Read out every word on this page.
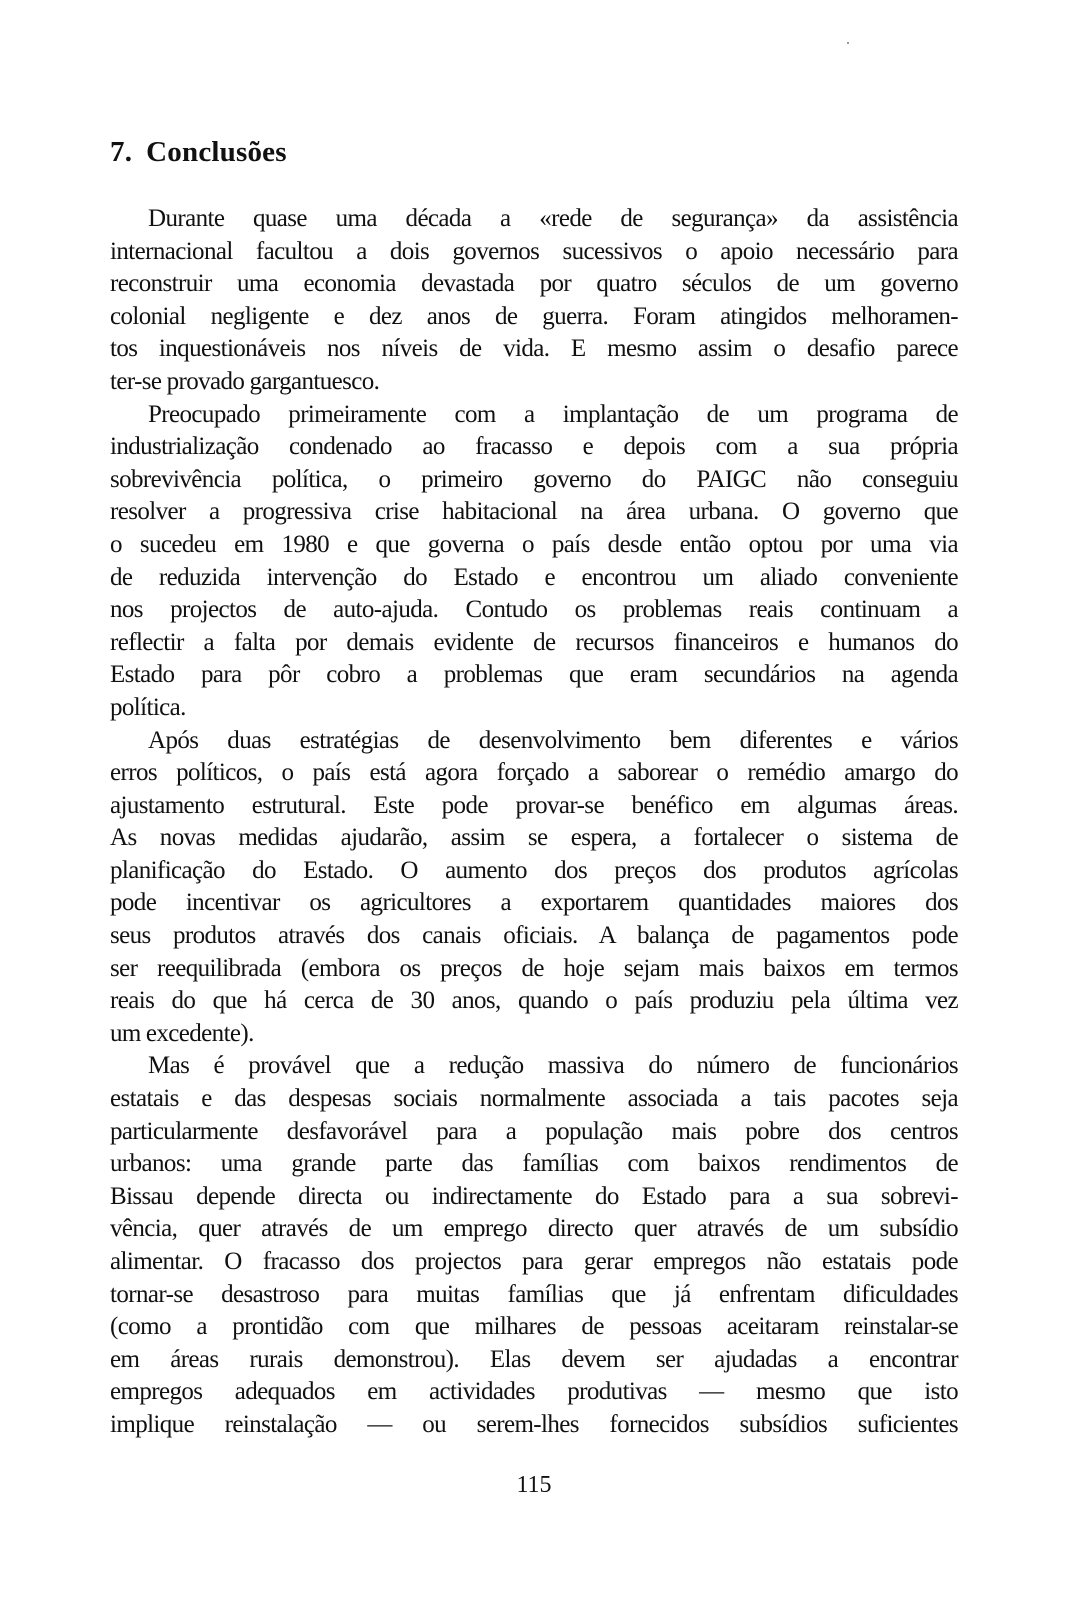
7. Conclusões

Durante quase uma década a «rede de segurança» da assistência
internacional facultou a dois governos sucessivos o apoio necessário para
reconstruir uma economia devastada por quatro séculos de um governo
colonial negligente e dez anos de guerra. Foram atingidos melhoramen-
tos inquestionáveis nos níveis de vida. E mesmo assim o desafio parece
ter-se provado gargantuesco.

Preocupado primeiramente com a implantação de um programa de
industrialização condenado ao fracasso e depois com a sua própria
sobrevivência política, o primeiro governo do PAIGC não conseguiu
resolver a progressiva crise habitacional na área urbana. O governo que
o sucedeu em 1980 e que governa o país desde então optou por uma via
de reduzida intervenção do Estado e encontrou um aliado conveniente
nos projectos de auto-ajuda. Contudo os problemas reais continuam a
reflectir a falta por demais evidente de recursos financeiros e humanos do
Estado para pôr cobro a problemas que eram secundários na agenda
política.

Após duas estratégias de desenvolvimento bem diferentes e vários
erros políticos, o país está agora forçado a saborear o remédio amargo do
ajustamento estrutural. Este pode provar-se benéfico em algumas áreas.
As novas medidas ajudarão, assim se espera, a fortalecer o sistema de
planificação do Estado. O aumento dos preços dos produtos agrícolas
pode incentivar os agricultores a exportarem quantidades maiores dos
seus produtos através dos canais oficiais. A balança de pagamentos pode
ser reequilibrada (embora os preços de hoje sejam mais baixos em termos
reais do que há cerca de 30 anos, quando o país produziu pela última vez
um excedente).

Mas é provável que a redução massiva do número de funcionários
estatais e das despesas sociais normalmente associada a tais pacotes seja
particularmente desfavorável para a população mais pobre dos centros
urbanos: uma grande parte das famílias com baixos rendimentos de
Bissau depende directa ou indirectamente do Estado para a sua sobrevi-
vência, quer através de um emprego directo quer através de um subsídio
alimentar. O fracasso dos projectos para gerar empregos não estatais pode
tornar-se desastroso para muitas famílias que já enfrentam dificuldades
(como a prontidão com que milhares de pessoas aceitaram reinstalar-se
em áreas rurais demonstrou). Elas devem ser ajudadas a encontrar
empregos adequados em actividades produtivas — mesmo que isto
implique reinstalação — ou serem-lhes fornecidos subsídios suficientes

115
